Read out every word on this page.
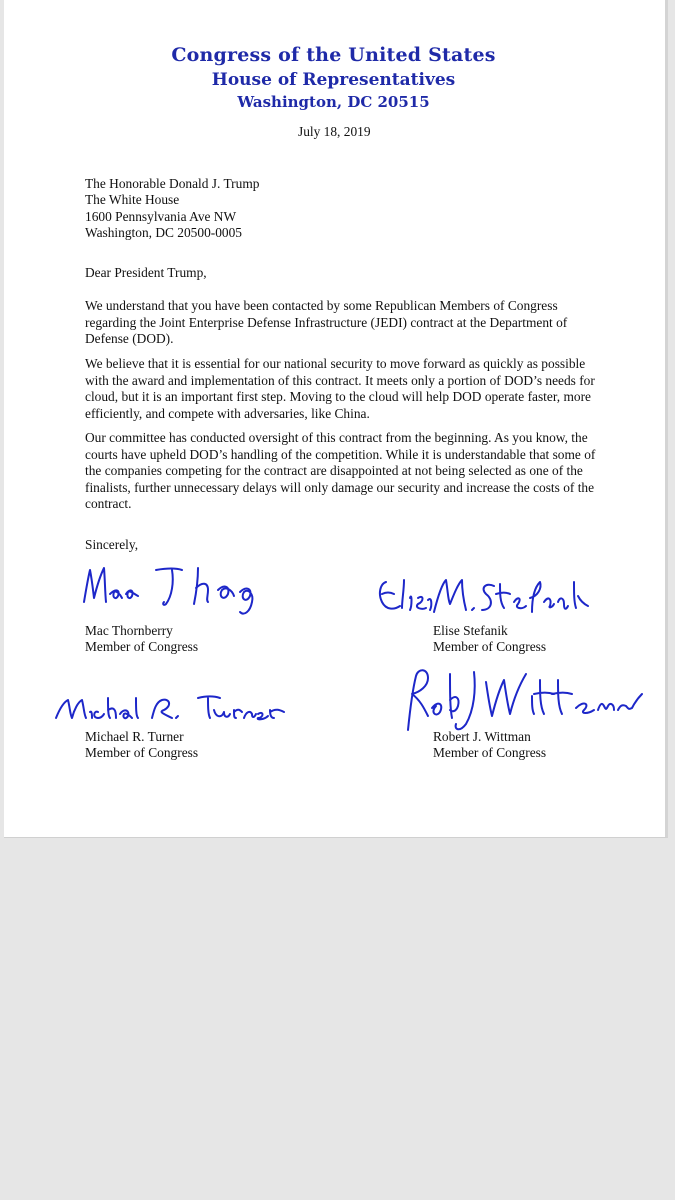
Congress of the United States
House of Representatives
Washington, DC 20515
July 18, 2019
The Honorable Donald J. Trump
The White House
1600 Pennsylvania Ave NW
Washington, DC 20500-0005
Dear President Trump,
We understand that you have been contacted by some Republican Members of Congress
regarding the Joint Enterprise Defense Infrastructure (JEDI) contract at the Department of
Defense (DOD).
We believe that it is essential for our national security to move forward as quickly as possible
with the award and implementation of this contract. It meets only a portion of DOD’s needs for
cloud, but it is an important first step. Moving to the cloud will help DOD operate faster, more
efficiently, and compete with adversaries, like China.
Our committee has conducted oversight of this contract from the beginning. As you know, the
courts have upheld DOD’s handling of the competition. While it is understandable that some of
the companies competing for the contract are disappointed at not being selected as one of the
finalists, further unnecessary delays will only damage our security and increase the costs of the
contract.
Sincerely,
Mac Thornberry
Member of Congress
Elise Stefanik
Member of Congress
Michael R. Turner
Member of Congress
Robert J. Wittman
Member of Congress
